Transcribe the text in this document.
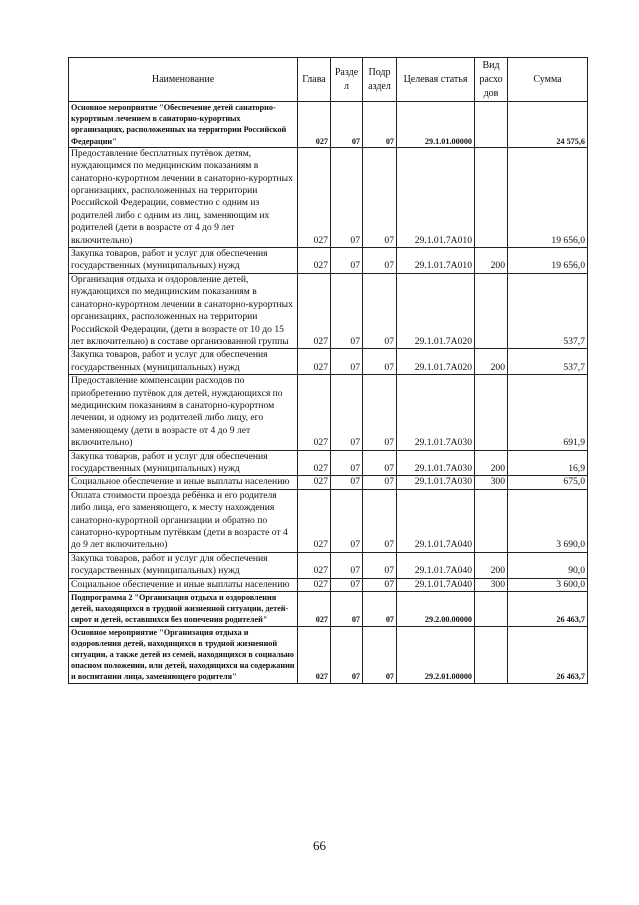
Наименование	Глава	Разде л	Подр аздел	Целевая статья	Вид расхо дов	Сумма
Основное мероприятие "Обеспечение детей санаторно-курортным лечением в санаторно-курортных организациях, расположенных на территории Российской Федерации"	027	07	07	29.1.01.00000		24 575,6
Предоставление бесплатных путёвок детям, нуждающимся по медицинским показаниям в санаторно-курортном лечении в санаторно-курортных организациях, расположенных на территории Российской Федерации, совместно с одним из родителей либо с одним из лиц, заменяющим их родителей (дети в возрасте от 4 до 9 лет включительно)	027	07	07	29.1.01.7А010		19 656,0
Закупка товаров, работ и услуг для обеспечения государственных (муниципальных) нужд	027	07	07	29.1.01.7А010	200	19 656,0
Организация отдыха и оздоровление детей, нуждающихся по медицинским показаниям в санаторно-курортном лечении в санаторно-курортных организациях, расположенных на территории Российской Федерации, (дети в возрасте от 10 до 15 лет включительно) в составе организованной группы	027	07	07	29.1.01.7А020		537,7
Закупка товаров, работ и услуг для обеспечения государственных (муниципальных) нужд	027	07	07	29.1.01.7А020	200	537,7
Предоставление компенсации расходов по приобретению путёвок для детей, нуждающихся по медицинским показаниям в санаторно-курортном лечении, и одному из родителей либо лицу, его заменяющему (дети в возрасте от 4 до 9 лет включительно)	027	07	07	29.1.01.7А030		691,9
Закупка товаров, работ и услуг для обеспечения государственных (муниципальных) нужд	027	07	07	29.1.01.7А030	200	16,9
Социальное обеспечение и иные выплаты населению	027	07	07	29.1.01.7А030	300	675,0
Оплата стоимости проезда ребёнка и его родителя либо лица, его заменяющего, к месту нахождения санаторно-курортной организации и обратно по санаторно-курортным путёвкам (дети в возрасте от 4 до 9 лет включительно)	027	07	07	29.1.01.7А040		3 690,0
Закупка товаров, работ и услуг для обеспечения государственных (муниципальных) нужд	027	07	07	29.1.01.7А040	200	90,0
Социальное обеспечение и иные выплаты населению	027	07	07	29.1.01.7А040	300	3 600,0
Подпрограмма 2 "Организация отдыха и оздоровления детей, находящихся в трудной жизненной ситуации, детей-сирот и детей, оставшихся без попечения родителей"	027	07	07	29.2.00.00000		26 463,7
Основное мероприятие "Организация отдыха и оздоровления детей, находящихся в трудной жизненной ситуации, а также детей из семей, находящихся в социально опасном положении, или детей, находящихся на содержании и воспитании лица, заменяющего родителя"	027	07	07	29.2.01.00000		26 463,7
66
